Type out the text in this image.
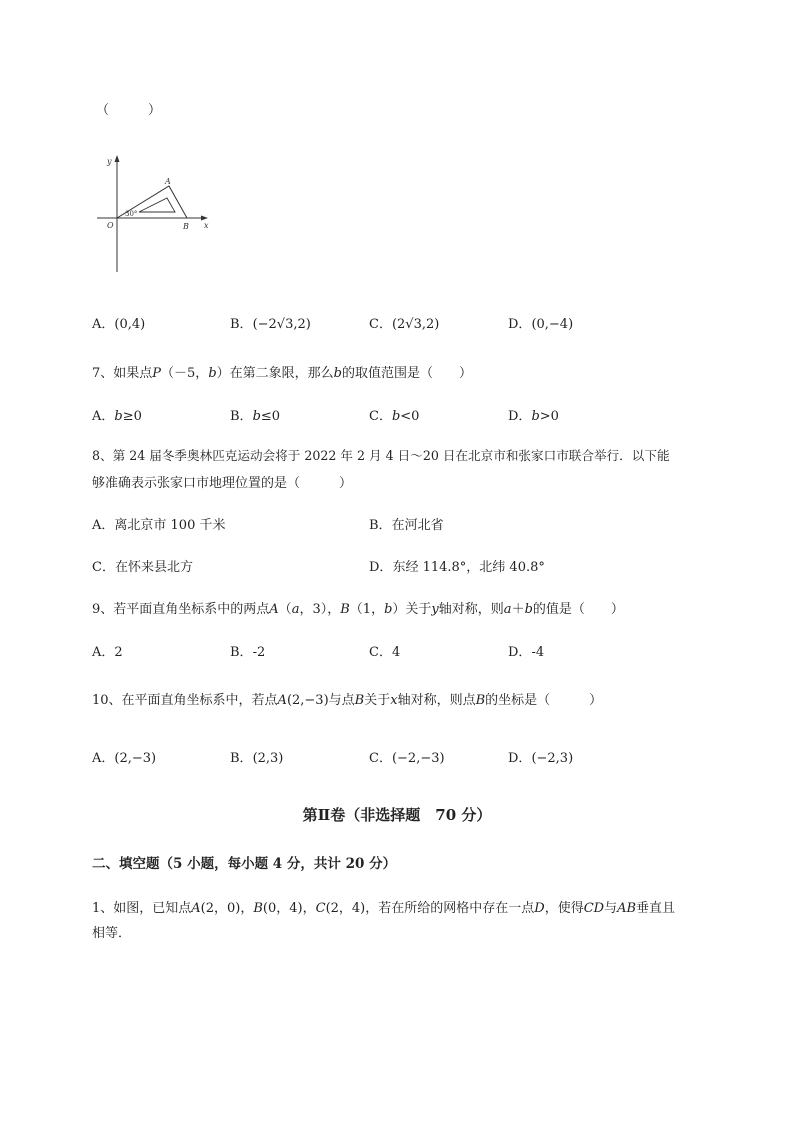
（　　　）
y
x
O
A
B
30°
A．(0,4)	B．(−2√3,2)	C．(2√3,2)	D．(0,−4)
7、如果点P（－5，b）在第二象限，那么b的取值范围是（　　）
A．b≥0	B．b≤0	C．b<0	D．b>0
8、第 24 届冬季奥林匹克运动会将于 2022 年 2 月 4 日～20 日在北京市和张家口市联合举行．以下能
够准确表示张家口市地理位置的是（　　　）
A．离北京市 100 千米	B．在河北省
C．在怀来县北方	D．东经 114.8°，北纬 40.8°
9、若平面直角坐标系中的两点A（a，3），B（1，b）关于y轴对称，则a＋b的值是（　　）
A．2	B．-2	C．4	D．-4
10、在平面直角坐标系中，若点A(2,−3)与点B关于x轴对称，则点B的坐标是（　　　）
A．(2,−3)	B．(2,3)	C．(−2,−3)	D．(−2,3)
第Ⅱ卷（非选择题　70 分）
二、填空题（5 小题，每小题 4 分，共计 20 分）
1、如图，已知点A(2，0)，B(0，4)，C(2，4)，若在所给的网格中存在一点D，使得CD与AB垂直且
相等．
